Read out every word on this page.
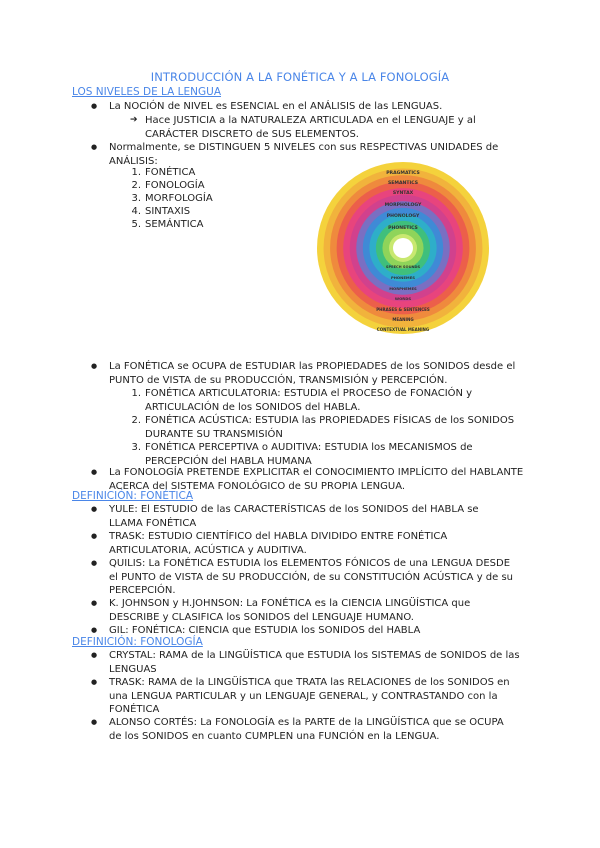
INTRODUCCIÓN A LA FONÉTICA Y A LA FONOLOGÍA
LOS NIVELES DE LA LENGUA
● La NOCIÓN de NIVEL es ESENCIAL en el ANÁLISIS de las LENGUAS.
➔ Hace JUSTICIA a la NATURALEZA ARTICULADA en el LENGUAJE y al CARÁCTER DISCRETO de SUS ELEMENTOS.
● Normalmente, se DISTINGUEN 5 NIVELES con sus RESPECTIVAS UNIDADES de ANÁLISIS:
1. FONÉTICA
2. FONOLOGÍA
3. MORFOLOGÍA
4. SINTAXIS
5. SEMÁNTICA
PRAGMATICS
SEMANTICS
SYNTAX
MORPHOLOGY
PHONOLOGY
PHONETICS
SPEECH SOUNDS
PHONEMES
MORPHEMES
WORDS
PHRASES & SENTENCES
MEANING
CONTEXTUAL MEANING
● La FONÉTICA se OCUPA de ESTUDIAR las PROPIEDADES de los SONIDOS desde el PUNTO de VISTA de su PRODUCCIÓN, TRANSMISIÓN y PERCEPCIÓN.
1. FONÉTICA ARTICULATORIA: ESTUDIA el PROCESO de FONACIÓN y ARTICULACIÓN de los SONIDOS del HABLA.
2. FONÉTICA ACÚSTICA: ESTUDIA las PROPIEDADES FÍSICAS de los SONIDOS DURANTE SU TRANSMISIÓN
3. FONÉTICA PERCEPTIVA o AUDITIVA: ESTUDIA los MECANISMOS de PERCEPCIÓN del HABLA HUMANA
● La FONOLOGÍA PRETENDE EXPLICITAR el CONOCIMIENTO IMPLÍCITO del HABLANTE ACERCA del SISTEMA FONOLÓGICO de SU PROPIA LENGUA.
DEFINICIÓN: FONÉTICA
● YULE: El ESTUDIO de las CARACTERÍSTICAS de los SONIDOS del HABLA se LLAMA FONÉTICA
● TRASK: ESTUDIO CIENTÍFICO del HABLA DIVIDIDO ENTRE FONÉTICA ARTICULATORIA, ACÚSTICA y AUDITIVA.
● QUILIS: La FONÉTICA ESTUDIA los ELEMENTOS FÓNICOS de una LENGUA DESDE el PUNTO de VISTA de SU PRODUCCIÓN, de su CONSTITUCIÓN ACÚSTICA y de su PERCEPCIÓN.
● K. JOHNSON y H.JOHNSON: La FONÉTICA es la CIENCIA LINGÜÍSTICA que DESCRIBE y CLASIFICA los SONIDOS del LENGUAJE HUMANO.
● GIL: FONÉTICA: CIENCIA que ESTUDIA los SONIDOS del HABLA
DEFINICIÓN: FONOLOGÍA
● CRYSTAL: RAMA de la LINGÜÍSTICA que ESTUDIA los SISTEMAS de SONIDOS de las LENGUAS
● TRASK: RAMA de la LINGÜÍSTICA que TRATA las RELACIONES de los SONIDOS en una LENGUA PARTICULAR y un LENGUAJE GENERAL, y CONTRASTANDO con la FONÉTICA
● ALONSO CORTÉS: La FONOLOGÍA es la PARTE de la LINGÜÍSTICA que se OCUPA de los SONIDOS en cuanto CUMPLEN una FUNCIÓN en la LENGUA.
